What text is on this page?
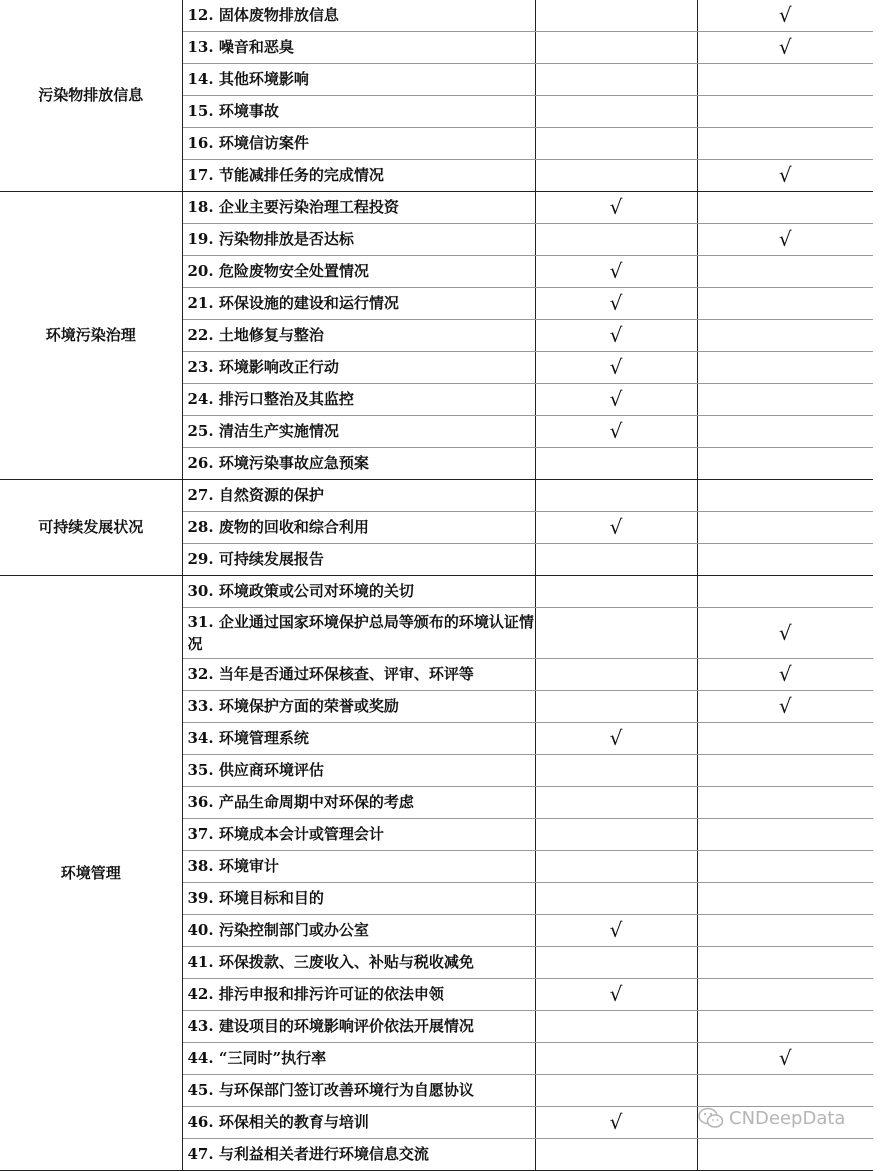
污染物排放信息	12. 固体废物排放信息		√
	13. 噪音和恶臭		√
	14. 其他环境影响		
	15. 环境事故		
	16. 环境信访案件		
	17. 节能减排任务的完成情况		√
环境污染治理	18. 企业主要污染治理工程投资	√	
	19. 污染物排放是否达标		√
	20. 危险废物安全处置情况	√	
	21. 环保设施的建设和运行情况	√	
	22. 土地修复与整治	√	
	23. 环境影响改正行动	√	
	24. 排污口整治及其监控	√	
	25. 清洁生产实施情况	√	
	26. 环境污染事故应急预案		
可持续发展状况	27. 自然资源的保护		
	28. 废物的回收和综合利用	√	
	29. 可持续发展报告		
环境管理	30. 环境政策或公司对环境的关切		
	31. 企业通过国家环境保护总局等颁布的环境认证情况		√
	32. 当年是否通过环保核查、评审、环评等		√
	33. 环境保护方面的荣誉或奖励		√
	34. 环境管理系统	√	
	35. 供应商环境评估		
	36. 产品生命周期中对环保的考虑		
	37. 环境成本会计或管理会计		
	38. 环境审计		
	39. 环境目标和目的		
	40. 污染控制部门或办公室	√	
	41. 环保拨款、三废收入、补贴与税收减免		
	42. 排污申报和排污许可证的依法申领	√	
	43. 建设项目的环境影响评价依法开展情况		
	44. “三同时”执行率		√
	45. 与环保部门签订改善环境行为自愿协议		
	46. 环保相关的教育与培训	√	
	47. 与利益相关者进行环境信息交流		
CNDeepData
